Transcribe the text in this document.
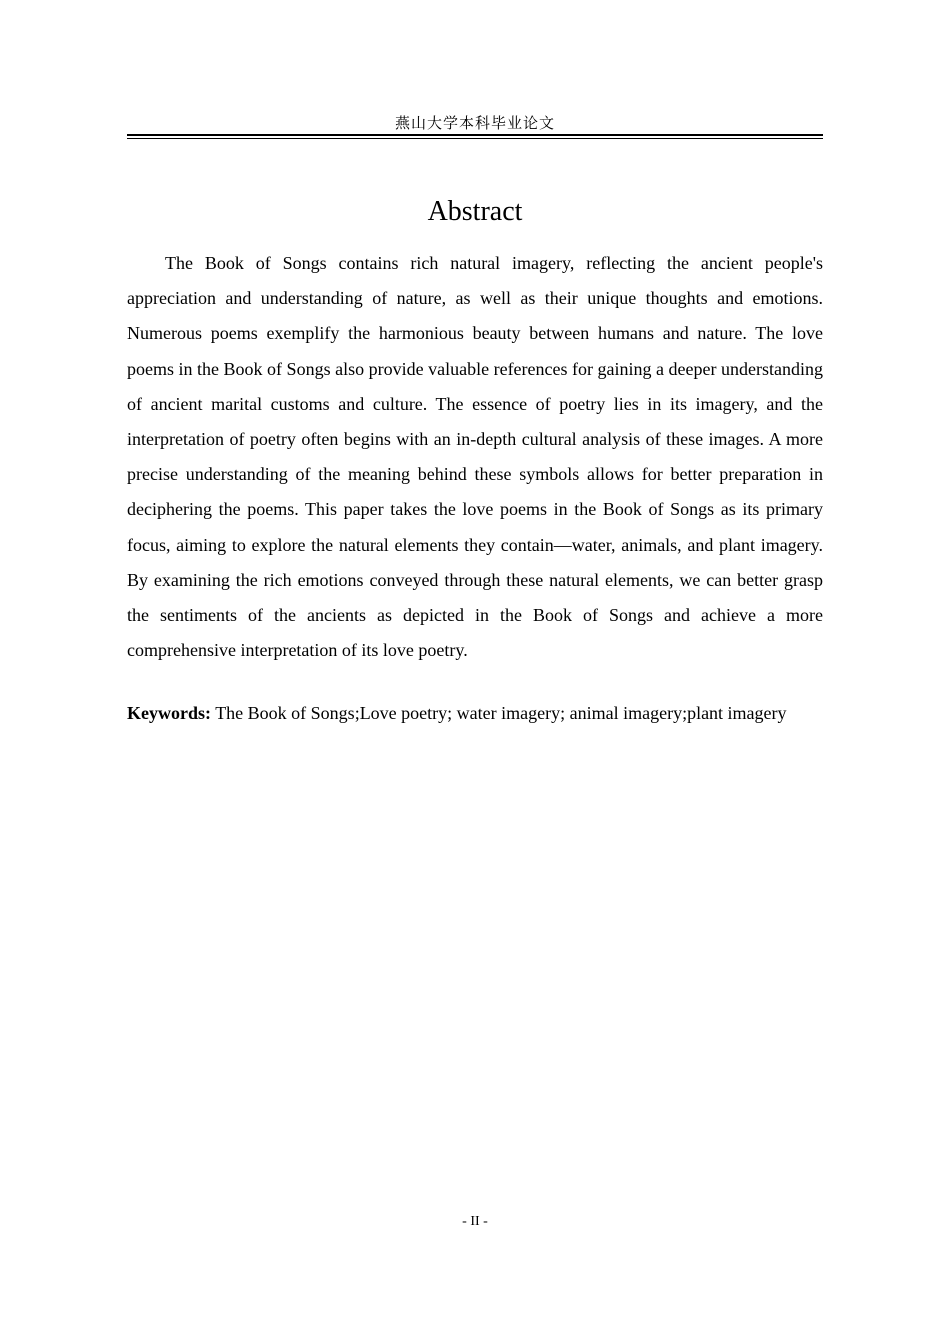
燕山大学本科毕业论文
Abstract

The Book of Songs contains rich natural imagery, reflecting the ancient people's appreciation and understanding of nature, as well as their unique thoughts and emotions. Numerous poems exemplify the harmonious beauty between humans and nature. The love poems in the Book of Songs also provide valuable references for gaining a deeper understanding of ancient marital customs and culture. The essence of poetry lies in its imagery, and the interpretation of poetry often begins with an in-depth cultural analysis of these images. A more precise understanding of the meaning behind these symbols allows for better preparation in deciphering the poems. This paper takes the love poems in the Book of Songs as its primary focus, aiming to explore the natural elements they contain—water, animals, and plant imagery. By examining the rich emotions conveyed through these natural elements, we can better grasp the sentiments of the ancients as depicted in the Book of Songs and achieve a more comprehensive interpretation of its love poetry.

Keywords: The Book of Songs;Love poetry; water imagery; animal imagery;plant imagery

- II -
